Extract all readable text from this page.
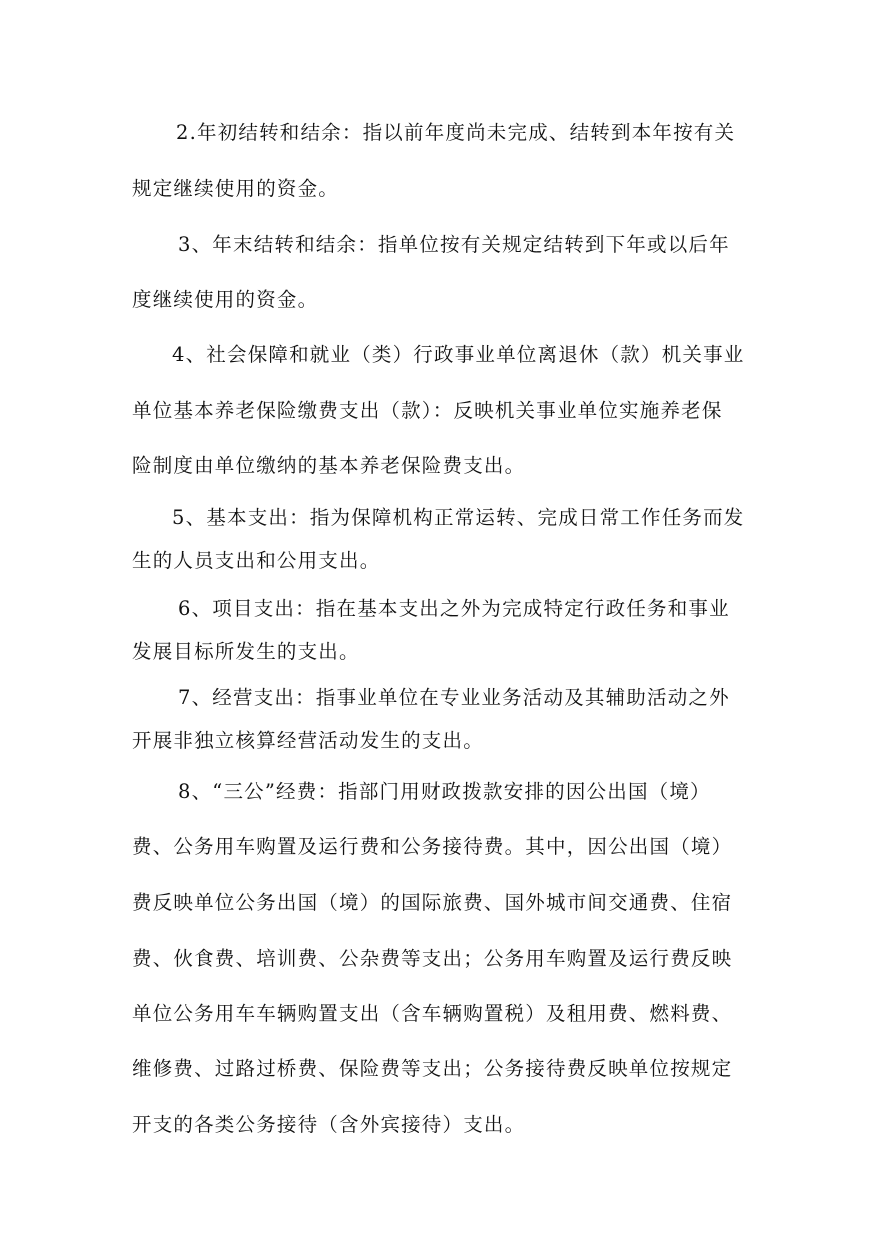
2.年初结转和结余：指以前年度尚未完成、结转到本年按有关
规定继续使用的资金。
3、年末结转和结余：指单位按有关规定结转到下年或以后年
度继续使用的资金。
4、社会保障和就业（类）行政事业单位离退休（款）机关事业
单位基本养老保险缴费支出（款）：反映机关事业单位实施养老保
险制度由单位缴纳的基本养老保险费支出。
5、基本支出：指为保障机构正常运转、完成日常工作任务而发
生的人员支出和公用支出。
6、项目支出：指在基本支出之外为完成特定行政任务和事业
发展目标所发生的支出。
7、经营支出：指事业单位在专业业务活动及其辅助活动之外
开展非独立核算经营活动发生的支出。
8、“三公”经费：指部门用财政拨款安排的因公出国（境）
费、公务用车购置及运行费和公务接待费。其中，因公出国（境）
费反映单位公务出国（境）的国际旅费、国外城市间交通费、住宿
费、伙食费、培训费、公杂费等支出；公务用车购置及运行费反映
单位公务用车车辆购置支出（含车辆购置税）及租用费、燃料费、
维修费、过路过桥费、保险费等支出；公务接待费反映单位按规定
开支的各类公务接待（含外宾接待）支出。
